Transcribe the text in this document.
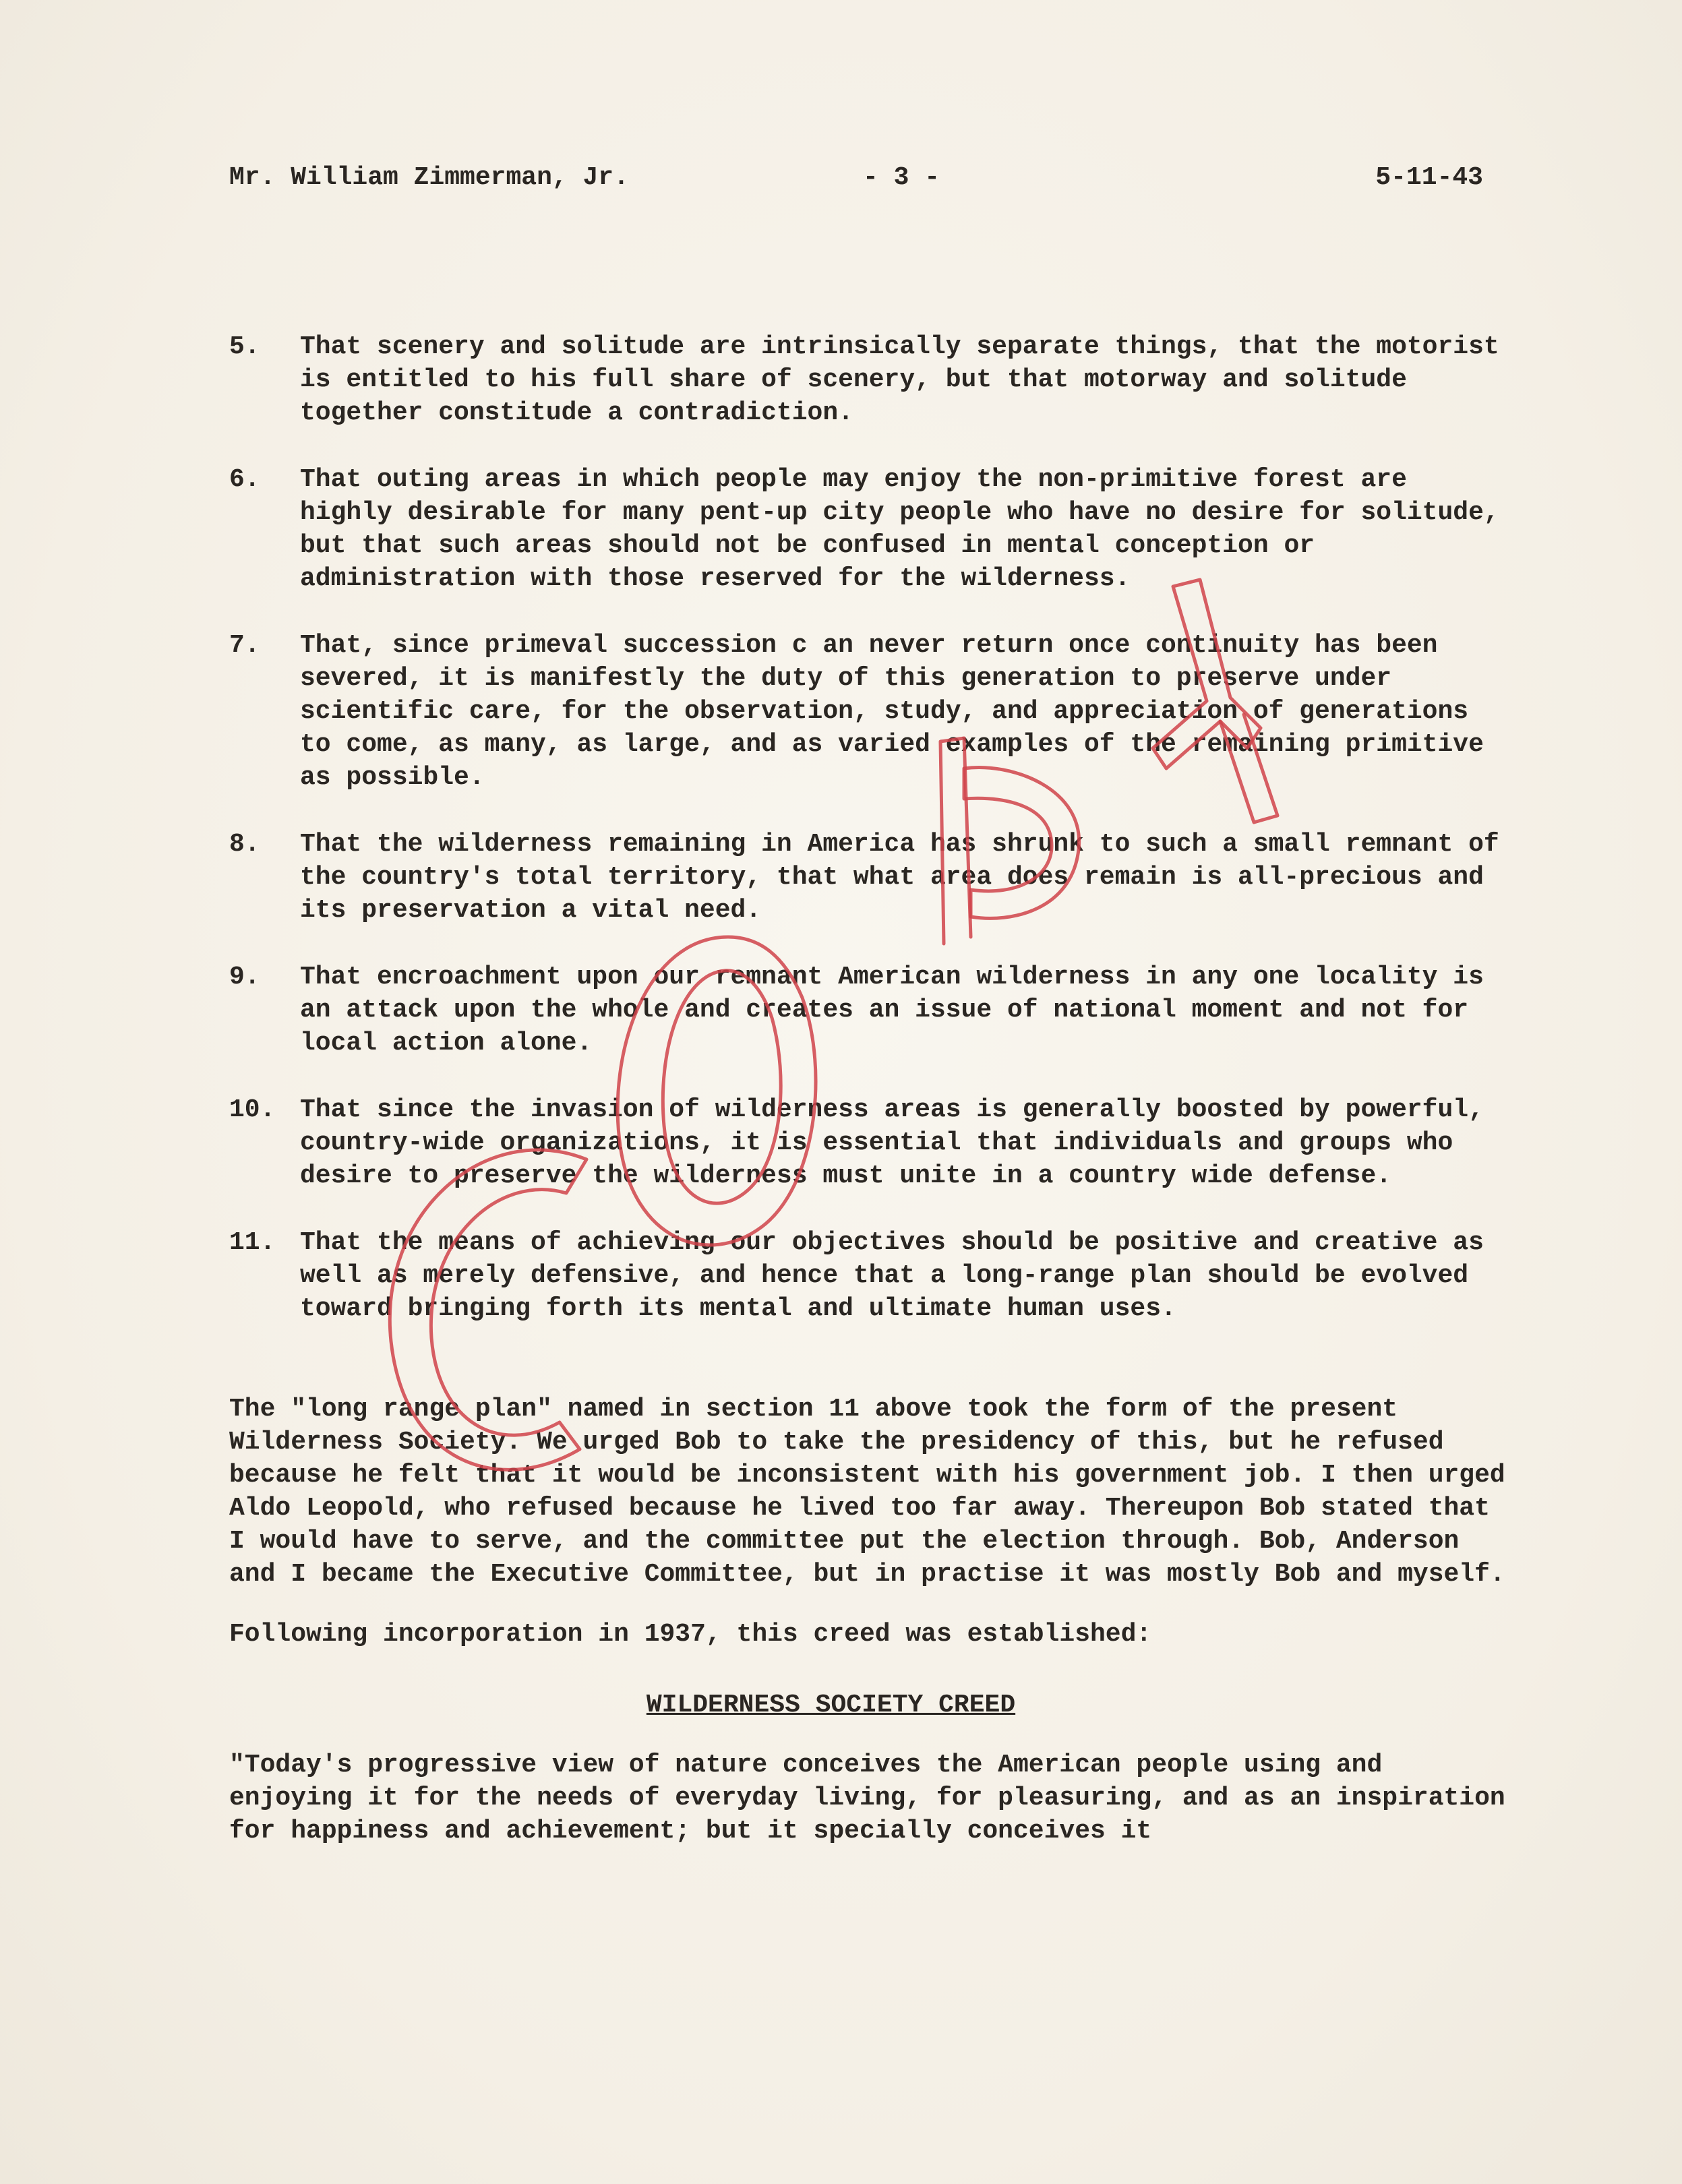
Mr. William Zimmerman, Jr.	- 3 -	5-11-43
5.	That scenery and solitude are intrinsically separate things, that the motorist is entitled to his full share of scenery, but that motorway and solitude together constitude a contradiction.
6.	That outing areas in which people may enjoy the non-primitive forest are highly desirable for many pent-up city people who have no desire for solitude, but that such areas should not be confused in mental conception or administration with those reserved for the wilderness.
7.	That, since primeval succession c an never return once continuity has been severed, it is manifestly the duty of this generation to preserve under scientific care, for the observation, study, and appreciation of generations to come, as many, as large, and as varied examples of the remaining primitive as possible.
8.	That the wilderness remaining in America has shrunk to such a small remnant of the country's total territory, that what area does remain is all-precious and its preservation a vital need.
9.	That encroachment upon our remnant American wilderness in any one locality is an attack upon the whole and creates an issue of national moment and not for local action alone.
10. That since the invasion of wilderness areas is generally boosted by powerful, country-wide organizations, it is essential that individuals and groups who desire to preserve the wilderness must unite in a country wide defense.
11. That the means of achieving our objectives should be positive and creative as well as merely defensive, and hence that a long-range plan should be evolved toward bringing forth its mental and ultimate human uses.
The "long range plan" named in section 11 above took the form of the present Wilderness Society. We urged Bob to take the presidency of this, but he refused because he felt that it would be inconsistent with his government job. I then urged Aldo Leopold, who refused because he lived too far away. Thereupon Bob stated that I would have to serve, and the committee put the election through. Bob, Anderson and I became the Executive Committee, but in practise it was mostly Bob and myself.
Following incorporation in 1937, this creed was established:
WILDERNESS SOCIETY CREED
"Today's progressive view of nature conceives the American people using and enjoying it for the needs of everyday living, for pleasuring, and as an inspiration for happiness and achievement; but it specially conceives it
